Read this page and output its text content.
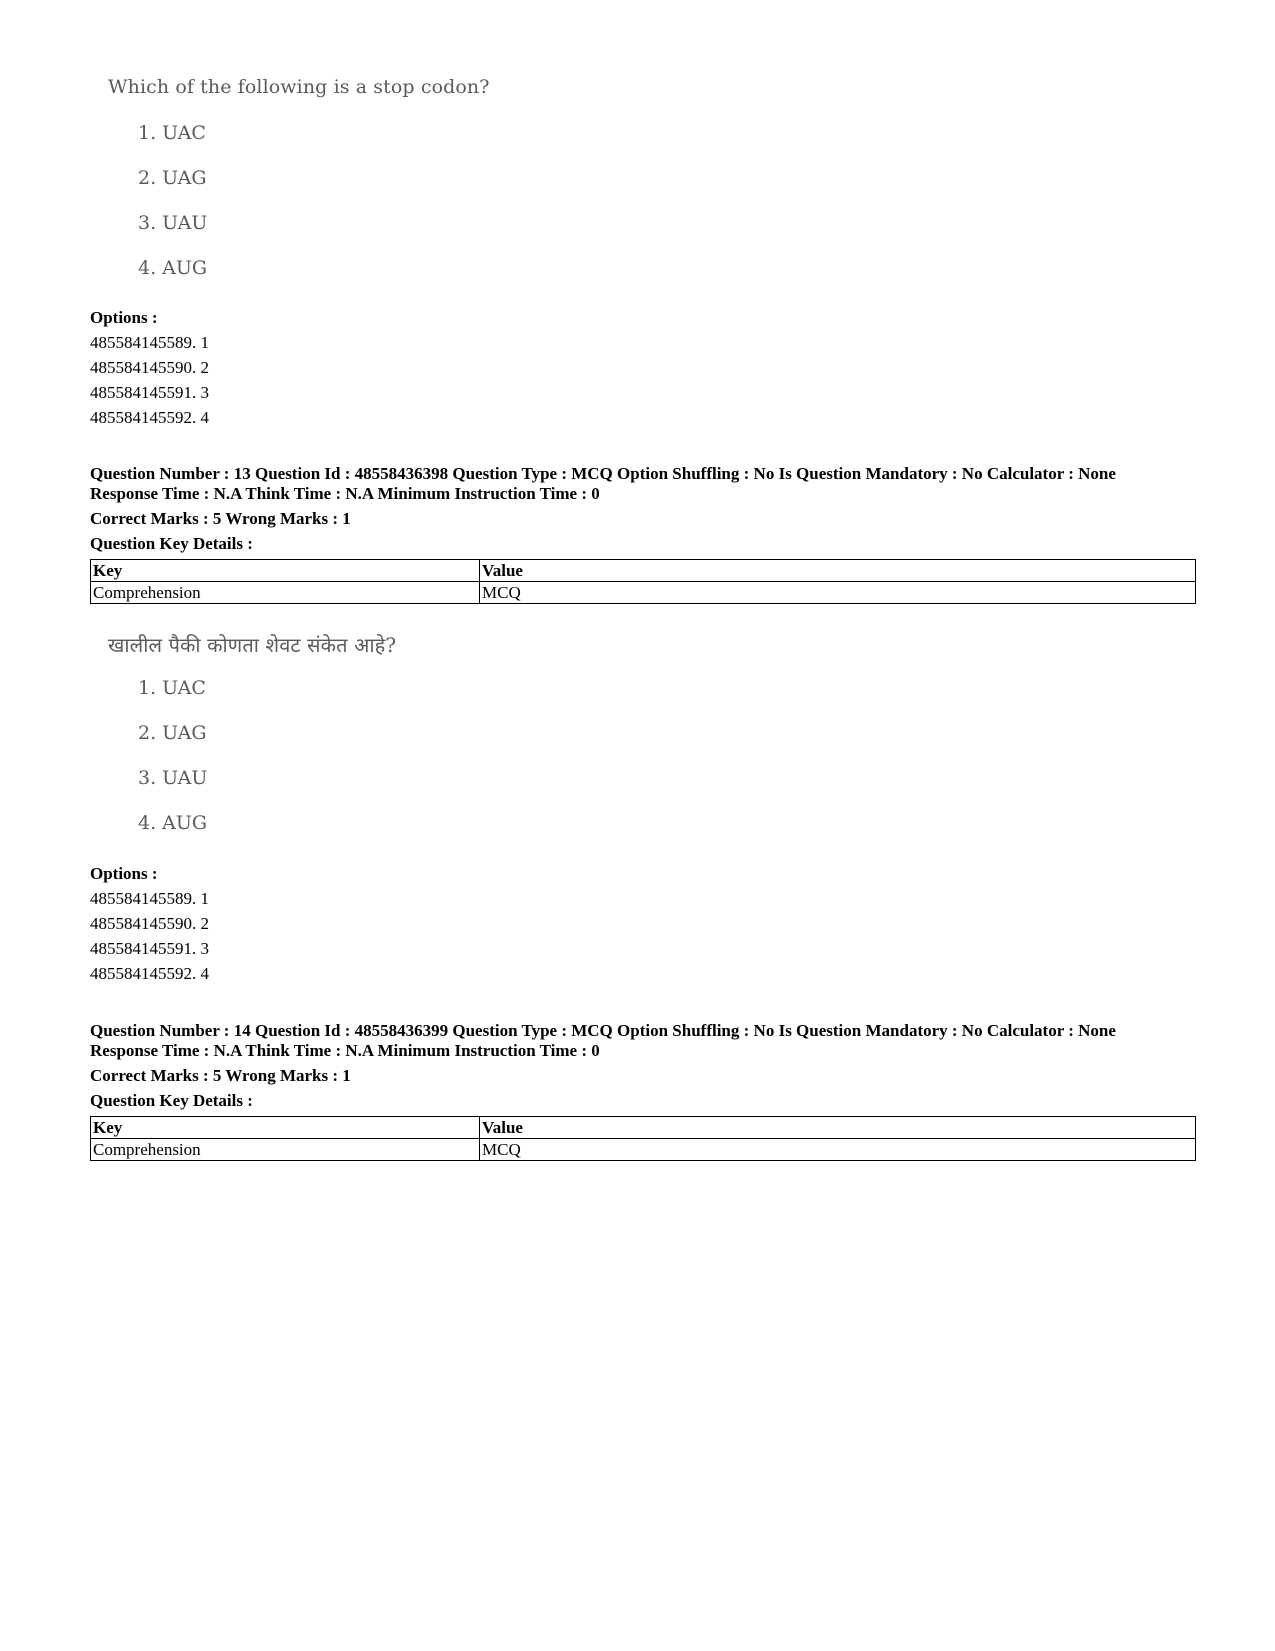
Which of the following is a stop codon?
1. UAC
2. UAG
3. UAU
4. AUG
Options :
485584145589. 1
485584145590. 2
485584145591. 3
485584145592. 4
Question Number : 13 Question Id : 48558436398 Question Type : MCQ Option Shuffling : No Is Question Mandatory : No Calculator : None
Response Time : N.A Think Time : N.A Minimum Instruction Time : 0
Correct Marks : 5 Wrong Marks : 1
Question Key Details :
Key	Value
Comprehension	MCQ
खालील पैकी कोणता शेवट संकेत आहे?
1. UAC
2. UAG
3. UAU
4. AUG
Options :
485584145589. 1
485584145590. 2
485584145591. 3
485584145592. 4
Question Number : 14 Question Id : 48558436399 Question Type : MCQ Option Shuffling : No Is Question Mandatory : No Calculator : None
Response Time : N.A Think Time : N.A Minimum Instruction Time : 0
Correct Marks : 5 Wrong Marks : 1
Question Key Details :
Key	Value
Comprehension	MCQ
